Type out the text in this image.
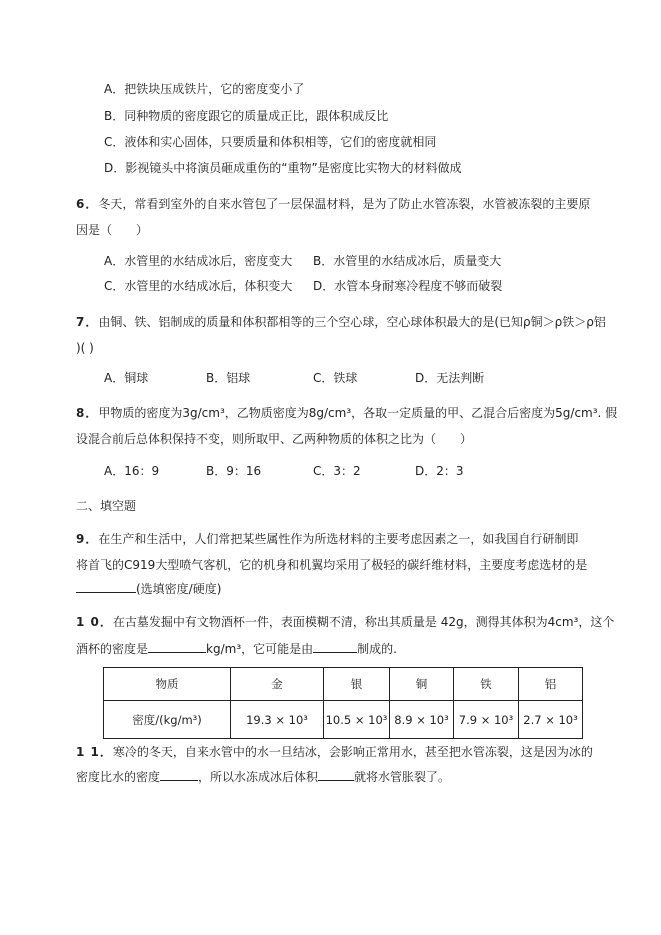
A．把铁块压成铁片，它的密度变小了
B．同种物质的密度跟它的质量成正比，跟体积成反比
C．液体和实心固体，只要质量和体积相等，它们的密度就相同
D．影视镜头中将演员砸成重伤的“重物”是密度比实物大的材料做成
6．冬天，常看到室外的自来水管包了一层保温材料，是为了防止水管冻裂，水管被冻裂的主要原
因是（　　）
A．水管里的水结成冰后，密度变大 B．水管里的水结成冰后，质量变大
C．水管里的水结成冰后，体积变大 D．水管本身耐寒冷程度不够而破裂
7．由铜、铁、铝制成的质量和体积都相等的三个空心球，空心球体积最大的是(已知ρ铜＞ρ铁＞ρ铝
)( )
A．铜球	B．铝球	C．铁球	D．无法判断
8．甲物质的密度为3g/cm³，乙物质密度为8g/cm³，各取一定质量的甲、乙混合后密度为5g/cm³. 假
设混合前后总体积保持不变，则所取甲、乙两种物质的体积之比为（　　）
A．16：9	B．9：16	C．3：2	D．2：3
二、填空题
9．在生产和生活中，人们常把某些属性作为所选材料的主要考虑因素之一，如我国自行研制即
将首飞的C919大型喷气客机，它的机身和机翼均采用了极轻的碳纤维材料，主要度考虑选材的是
(选填密度/硬度)
1 0．在古墓发掘中有文物酒杯一件，表面模糊不清，称出其质量是 42g，测得其体积为4cm³，这个
酒杯的密度是	kg/m³，它可能是由	制成的.
物质	金	银	铜	铁	铝
密度/(kg/m³)	19.3 × 10³	10.5 × 10³	8.9 × 10³	7.9 × 10³	2.7 × 10³
1 1．寒冷的冬天，自来水管中的水一旦结冰，会影响正常用水，甚至把水管冻裂，这是因为冰的
密度比水的密度	，所以水冻成冰后体积	就将水管胀裂了。
